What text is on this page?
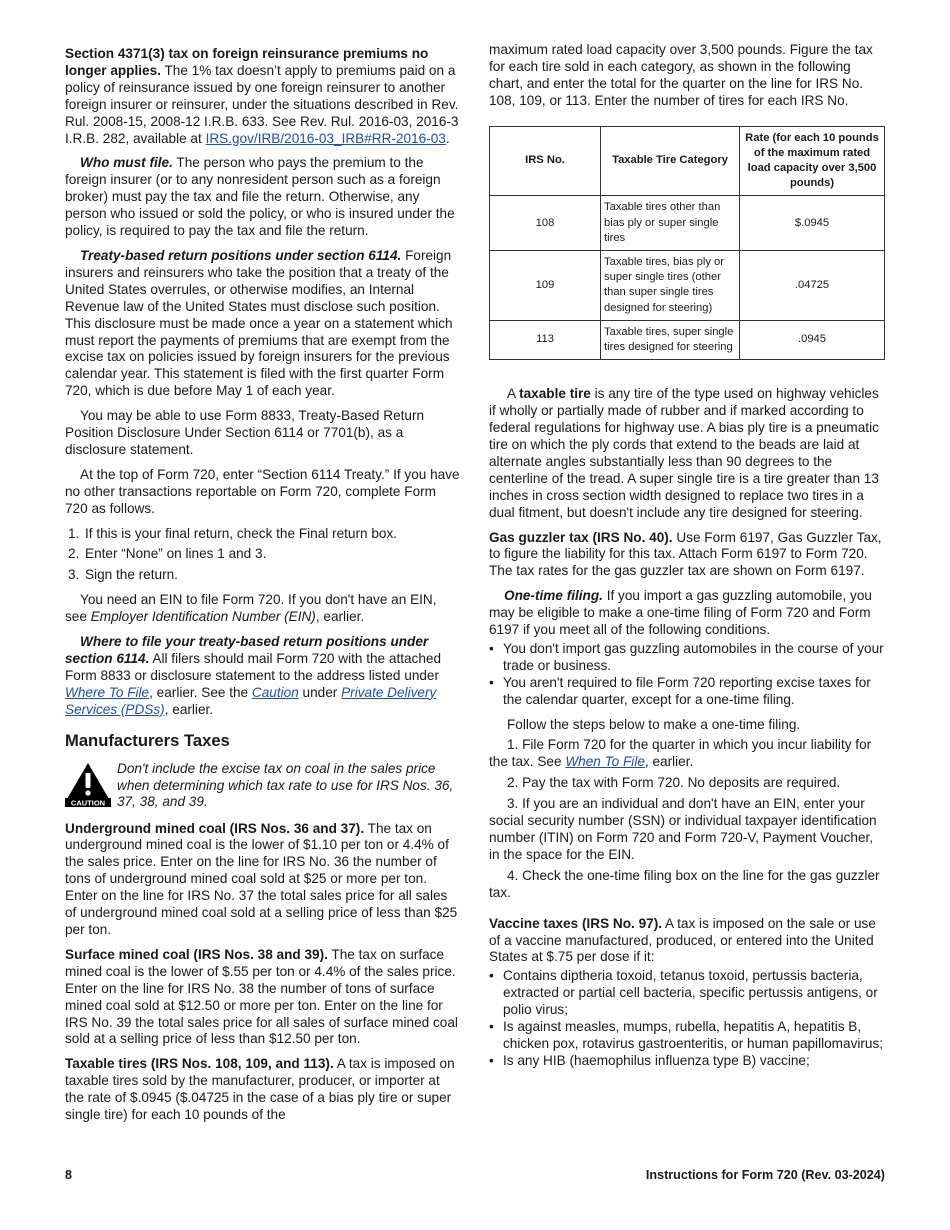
Section 4371(3) tax on foreign reinsurance premiums no longer applies. The 1% tax doesn’t apply to premiums paid on a policy of reinsurance issued by one foreign reinsurer to another foreign insurer or reinsurer, under the situations described in Rev. Rul. 2008-15, 2008-12 I.R.B. 633. See Rev. Rul. 2016-03, 2016-3 I.R.B. 282, available at IRS.gov/IRB/2016-03_IRB#RR-2016-03.

Who must file. The person who pays the premium to the foreign insurer (or to any nonresident person such as a foreign broker) must pay the tax and file the return. Otherwise, any person who issued or sold the policy, or who is insured under the policy, is required to pay the tax and file the return.

Treaty-based return positions under section 6114. Foreign insurers and reinsurers who take the position that a treaty of the United States overrules, or otherwise modifies, an Internal Revenue law of the United States must disclose such position. This disclosure must be made once a year on a statement which must report the payments of premiums that are exempt from the excise tax on policies issued by foreign insurers for the previous calendar year. This statement is filed with the first quarter Form 720, which is due before May 1 of each year.

You may be able to use Form 8833, Treaty-Based Return Position Disclosure Under Section 6114 or 7701(b), as a disclosure statement.

At the top of Form 720, enter “Section 6114 Treaty.” If you have no other transactions reportable on Form 720, complete Form 720 as follows.

1. If this is your final return, check the Final return box.
2. Enter “None” on lines 1 and 3.
3. Sign the return.

You need an EIN to file Form 720. If you don't have an EIN, see Employer Identification Number (EIN), earlier.

Where to file your treaty-based return positions under section 6114. All filers should mail Form 720 with the attached Form 8833 or disclosure statement to the address listed under Where To File, earlier. See the Caution under Private Delivery Services (PDSs), earlier.

Manufacturers Taxes
CAUTION
Don't include the excise tax on coal in the sales price when determining which tax rate to use for IRS Nos. 36, 37, 38, and 39.

Underground mined coal (IRS Nos. 36 and 37). The tax on underground mined coal is the lower of $1.10 per ton or 4.4% of the sales price. Enter on the line for IRS No. 36 the number of tons of underground mined coal sold at $25 or more per ton. Enter on the line for IRS No. 37 the total sales price for all sales of underground mined coal sold at a selling price of less than $25 per ton.

Surface mined coal (IRS Nos. 38 and 39). The tax on surface mined coal is the lower of $.55 per ton or 4.4% of the sales price. Enter on the line for IRS No. 38 the number of tons of surface mined coal sold at $12.50 or more per ton. Enter on the line for IRS No. 39 the total sales price for all sales of surface mined coal sold at a selling price of less than $12.50 per ton.

Taxable tires (IRS Nos. 108, 109, and 113). A tax is imposed on taxable tires sold by the manufacturer, producer, or importer at the rate of $.0945 ($.04725 in the case of a bias ply tire or super single tire) for each 10 pounds of the

maximum rated load capacity over 3,500 pounds. Figure the tax for each tire sold in each category, as shown in the following chart, and enter the total for the quarter on the line for IRS No. 108, 109, or 113. Enter the number of tires for each IRS No.

IRS No.	Taxable Tire Category	Rate (for each 10 pounds of the maximum rated load capacity over 3,500 pounds)
108	Taxable tires other than bias ply or super single tires	$.0945
109	Taxable tires, bias ply or super single tires (other than super single tires designed for steering)	.04725
113	Taxable tires, super single tires designed for steering	.0945

A taxable tire is any tire of the type used on highway vehicles if wholly or partially made of rubber and if marked according to federal regulations for highway use. A bias ply tire is a pneumatic tire on which the ply cords that extend to the beads are laid at alternate angles substantially less than 90 degrees to the centerline of the tread. A super single tire is a tire greater than 13 inches in cross section width designed to replace two tires in a dual fitment, but doesn't include any tire designed for steering.

Gas guzzler tax (IRS No. 40). Use Form 6197, Gas Guzzler Tax, to figure the liability for this tax. Attach Form 6197 to Form 720. The tax rates for the gas guzzler tax are shown on Form 6197.

One-time filing. If you import a gas guzzling automobile, you may be eligible to make a one-time filing of Form 720 and Form 6197 if you meet all of the following conditions.

• You don't import gas guzzling automobiles in the course of your trade or business.
• You aren't required to file Form 720 reporting excise taxes for the calendar quarter, except for a one-time filing.

Follow the steps below to make a one-time filing.

1. File Form 720 for the quarter in which you incur liability for the tax. See When To File, earlier.

2. Pay the tax with Form 720. No deposits are required.

3. If you are an individual and don't have an EIN, enter your social security number (SSN) or individual taxpayer identification number (ITIN) on Form 720 and Form 720-V, Payment Voucher, in the space for the EIN.

4. Check the one-time filing box on the line for the gas guzzler tax.

Vaccine taxes (IRS No. 97). A tax is imposed on the sale or use of a vaccine manufactured, produced, or entered into the United States at $.75 per dose if it:

• Contains diptheria toxoid, tetanus toxoid, pertussis bacteria, extracted or partial cell bacteria, specific pertussis antigens, or polio virus;
• Is against measles, mumps, rubella, hepatitis A, hepatitis B, chicken pox, rotavirus gastroenteritis, or human papillomavirus;
• Is any HIB (haemophilus influenza type B) vaccine;
8	Instructions for Form 720 (Rev. 03-2024)
